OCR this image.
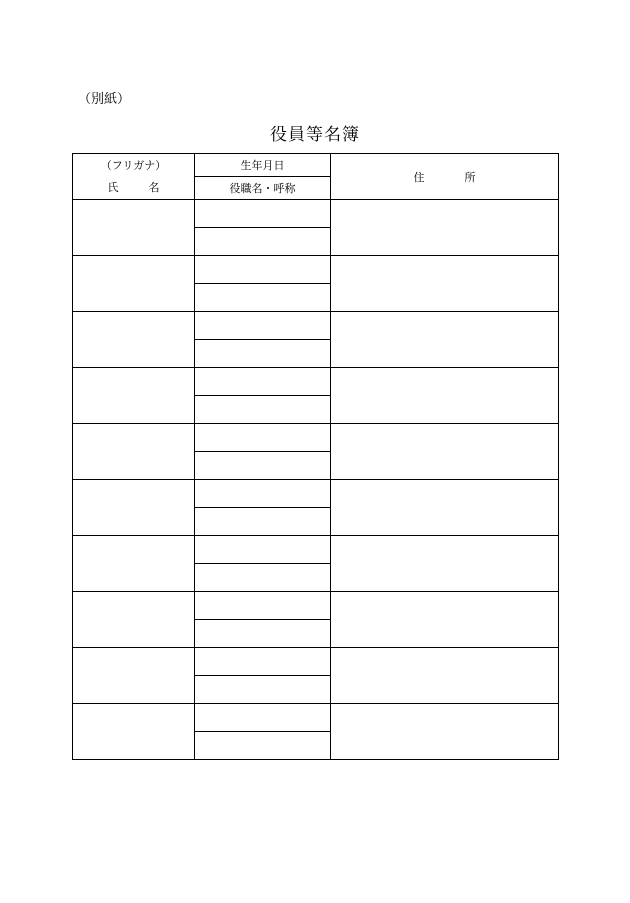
（別紙）
役員等名簿
（フリガナ）
氏 名	生年月日	住 所
	役職名・呼称	
